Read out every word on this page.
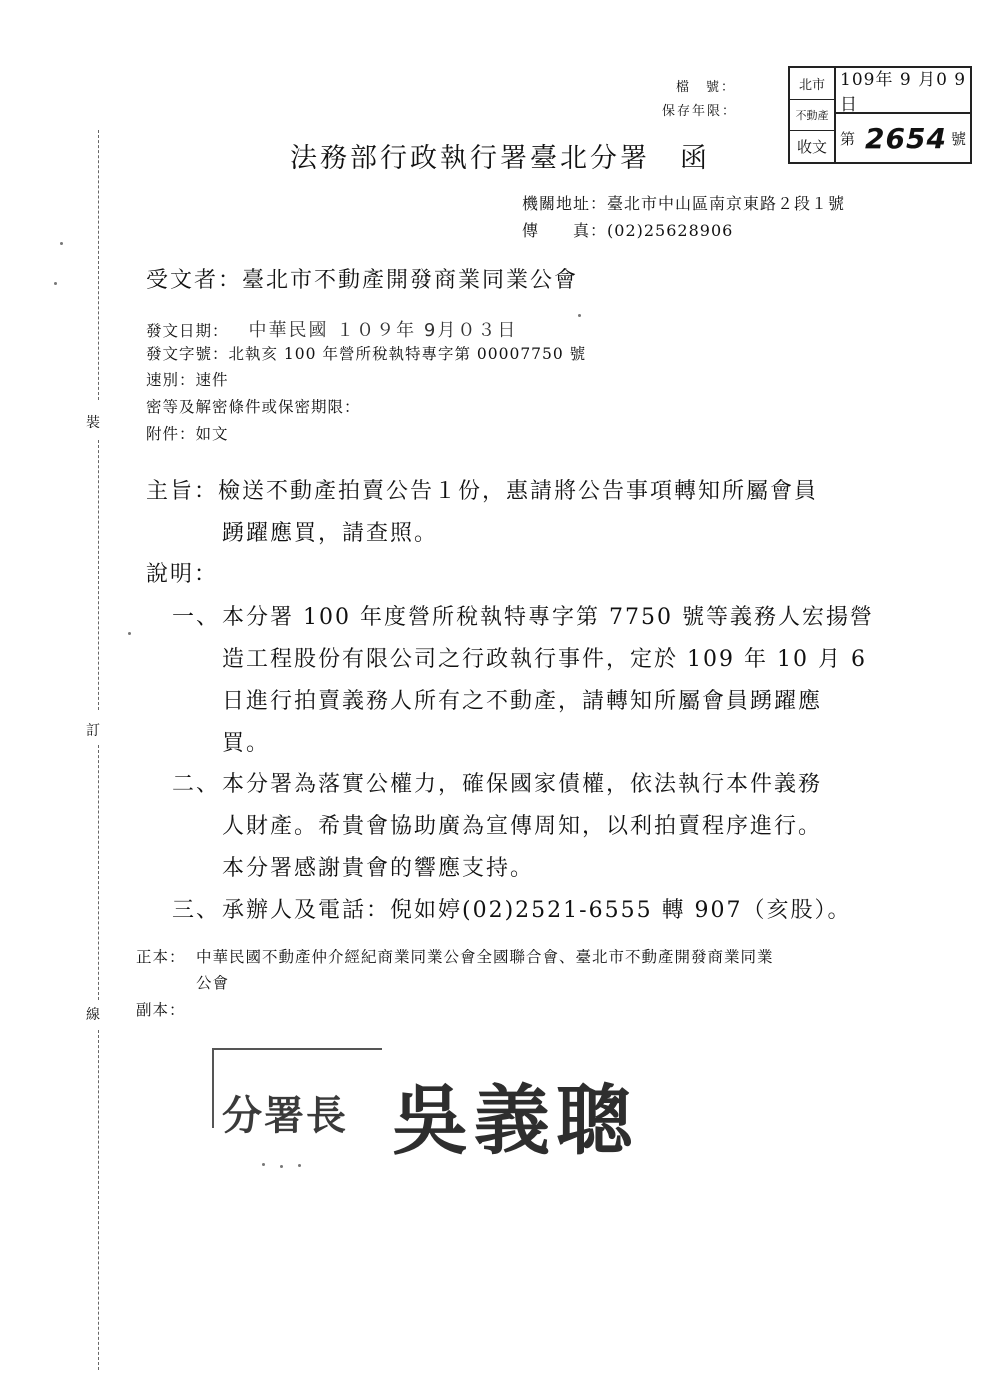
檔　號：
保存年限：
北市
不動產
收文
109年 9 月0 9日
第 2654 號
裝
訂
線
法務部行政執行署臺北分署　函
機關地址：臺北市中山區南京東路２段１號
傳　　真：(02)25628906
受文者：臺北市不動產開發商業同業公會
發文日期： 中華民國 １０９年 9月０３日
發文字號：北執亥 100 年營所稅執特專字第 00007750 號
速別：速件
密等及解密條件或保密期限：
附件：如文
主旨：檢送不動產拍賣公告１份，惠請將公告事項轉知所屬會員
踴躍應買，請查照。
說明：
一、 本分署 100 年度營所稅執特專字第 7750 號等義務人宏揚營
造工程股份有限公司之行政執行事件，定於 109 年 10 月 6
日進行拍賣義務人所有之不動產，請轉知所屬會員踴躍應
買。
二、 本分署為落實公權力，確保國家債權，依法執行本件義務
人財產。希貴會協助廣為宣傳周知，以利拍賣程序進行。
本分署感謝貴會的響應支持。
三、 承辦人及電話：倪如婷(02)2521-6555 轉 907（亥股）。
正本： 中華民國不動產仲介經紀商業同業公會全國聯合會、臺北市不動產開發商業同業
公會
副本：
分署長 吳義聰
